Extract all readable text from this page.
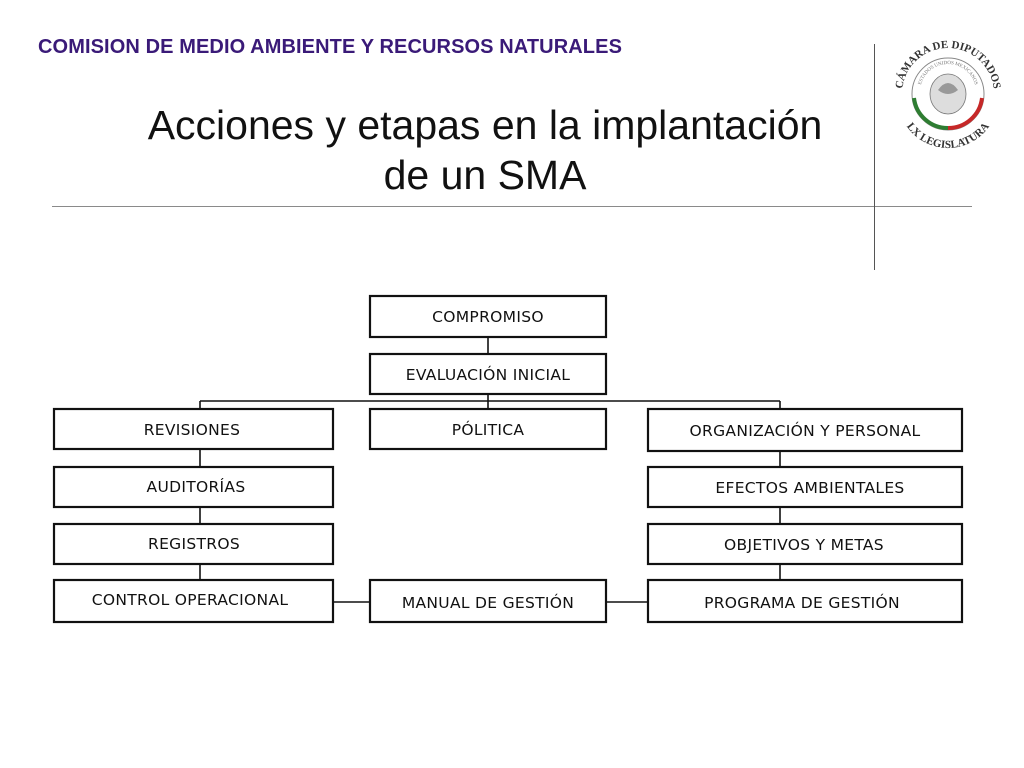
COMISION DE MEDIO AMBIENTE Y RECURSOS NATURALES
Acciones y etapas en la implantación
de un SMA
CÁMARA DE DIPUTADOS
ESTADOS UNIDOS MEXICANOS
LX LEGISLATURA
COMPROMISO
EVALUACIÓN INICIAL
REVISIONES	PÓLITICA	ORGANIZACIÓN Y PERSONAL
AUDITORÍAS	EFECTOS AMBIENTALES
REGISTROS	OBJETIVOS Y METAS
CONTROL OPERACIONAL	MANUAL DE GESTIÓN	PROGRAMA DE GESTIÓN
